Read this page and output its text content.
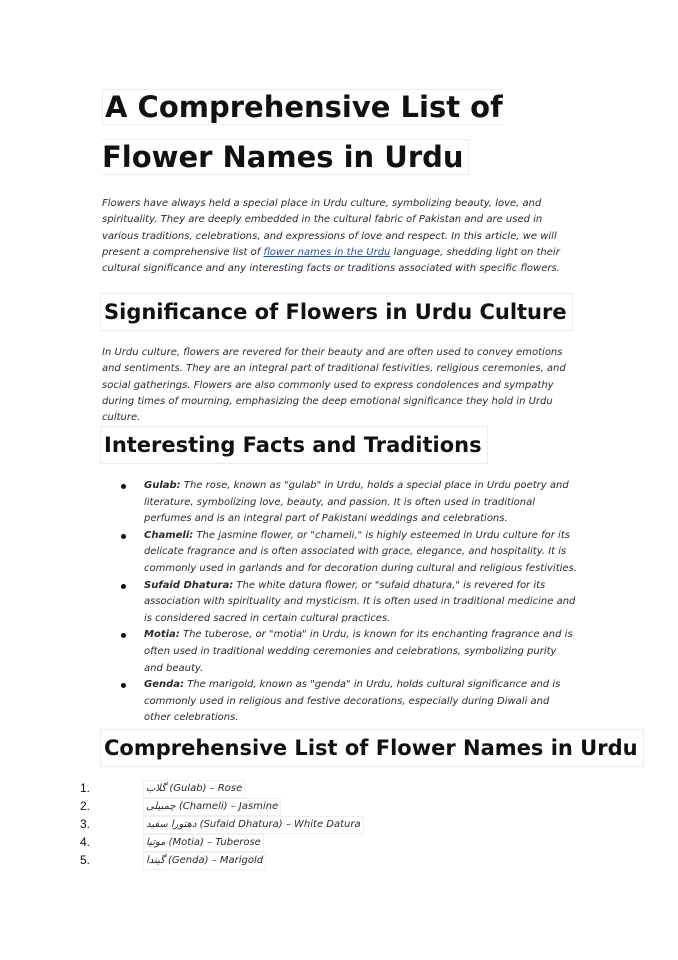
A Comprehensive List of Flower Names in Urdu
Flowers have always held a special place in Urdu culture, symbolizing beauty, love, and spirituality. They are deeply embedded in the cultural fabric of Pakistan and are used in various traditions, celebrations, and expressions of love and respect. In this article, we will present a comprehensive list of flower names in the Urdu language, shedding light on their cultural significance and any interesting facts or traditions associated with specific flowers.
Significance of Flowers in Urdu Culture
In Urdu culture, flowers are revered for their beauty and are often used to convey emotions and sentiments. They are an integral part of traditional festivities, religious ceremonies, and social gatherings. Flowers are also commonly used to express condolences and sympathy during times of mourning, emphasizing the deep emotional significance they hold in Urdu culture.
Interesting Facts and Traditions
Gulab: The rose, known as "gulab" in Urdu, holds a special place in Urdu poetry and literature, symbolizing love, beauty, and passion. It is often used in traditional perfumes and is an integral part of Pakistani weddings and celebrations.
Chameli: The jasmine flower, or "chameli," is highly esteemed in Urdu culture for its delicate fragrance and is often associated with grace, elegance, and hospitality. It is commonly used in garlands and for decoration during cultural and religious festivities.
Sufaid Dhatura: The white datura flower, or "sufaid dhatura," is revered for its association with spirituality and mysticism. It is often used in traditional medicine and is considered sacred in certain cultural practices.
Motia: The tuberose, or "motia" in Urdu, is known for its enchanting fragrance and is often used in traditional wedding ceremonies and celebrations, symbolizing purity and beauty.
Genda: The marigold, known as "genda" in Urdu, holds cultural significance and is commonly used in religious and festive decorations, especially during Diwali and other celebrations.
Comprehensive List of Flower Names in Urdu
1.	گلاب (Gulab) – Rose
2.	چمبیلی (Chameli) – Jasmine
3.	دھتورا سفید (Sufaid Dhatura) – White Datura
4.	موتیا (Motia) – Tuberose
5.	گیندا (Genda) – Marigold
